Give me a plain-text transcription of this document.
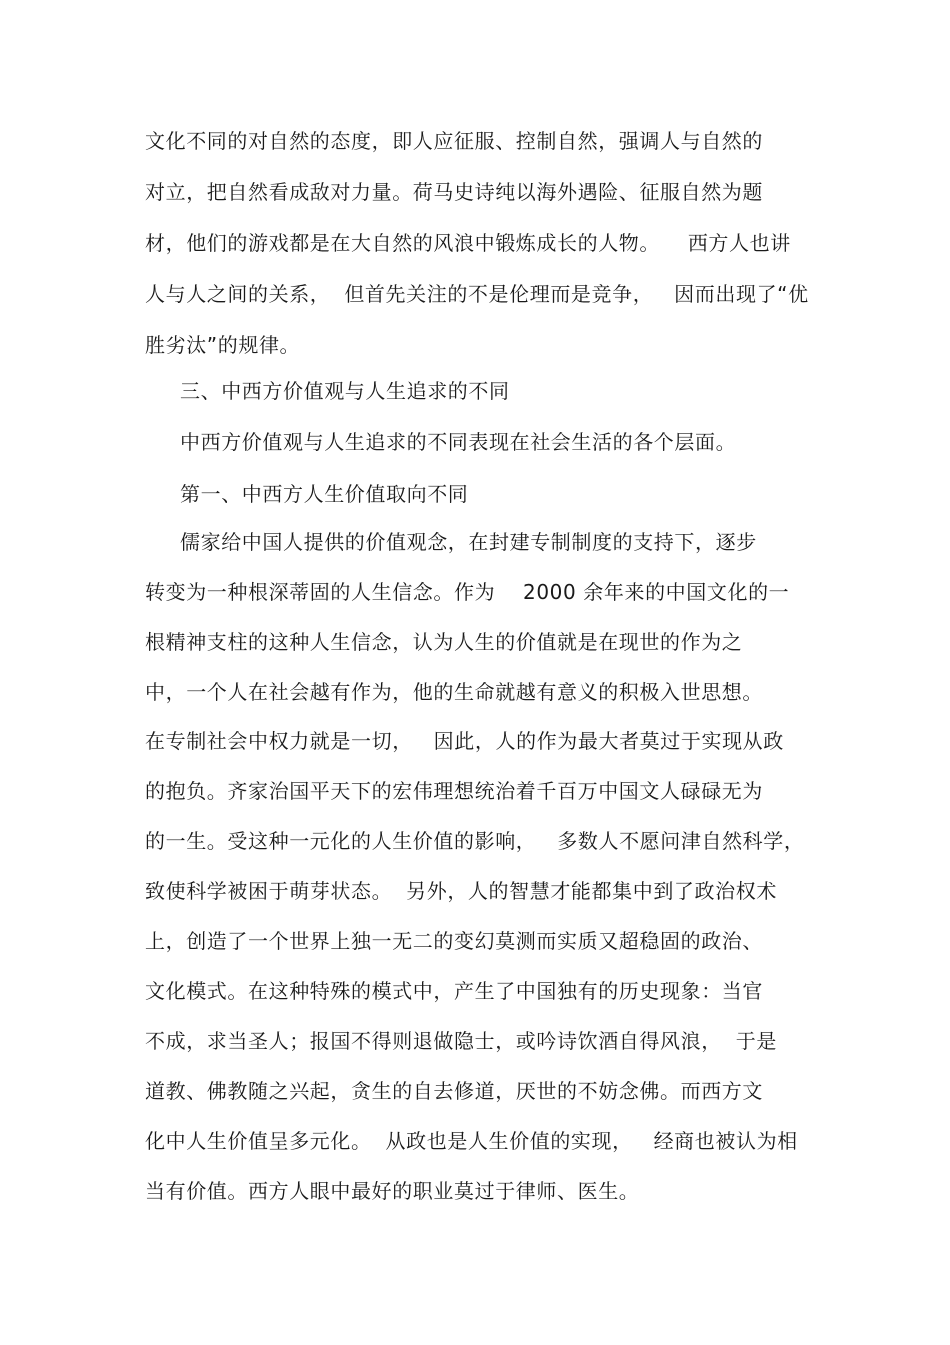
文化不同的对自然的态度，即人应征服、控制自然，强调人与自然的
对立，把自然看成敌对力量。荷马史诗纯以海外遇险、征服自然为题
材，他们的游戏都是在大自然的风浪中锻炼成长的人物。    西方人也讲
人与人之间的关系，  但首先关注的不是伦理而是竞争，   因而出现了“优
胜劣汰”的规律。
三、中西方价值观与人生追求的不同
中西方价值观与人生追求的不同表现在社会生活的各个层面。
第一、中西方人生价值取向不同
儒家给中国人提供的价值观念，在封建专制制度的支持下，逐步
转变为一种根深蒂固的人生信念。作为    2000 余年来的中国文化的一
根精神支柱的这种人生信念，认为人生的价值就是在现世的作为之
中，一个人在社会越有作为，他的生命就越有意义的积极入世思想。
在专制社会中权力就是一切，   因此，人的作为最大者莫过于实现从政
的抱负。齐家治国平天下的宏伟理想统治着千百万中国文人碌碌无为
的一生。受这种一元化的人生价值的影响，   多数人不愿问津自然科学，
致使科学被困于萌芽状态。  另外，人的智慧才能都集中到了政治权术
上，创造了一个世界上独一无二的变幻莫测而实质又超稳固的政治、
文化模式。在这种特殊的模式中，产生了中国独有的历史现象：当官
不成，求当圣人；报国不得则退做隐士，或吟诗饮酒自得风浪，  于是
道教、佛教随之兴起，贪生的自去修道，厌世的不妨念佛。而西方文
化中人生价值呈多元化。  从政也是人生价值的实现，   经商也被认为相
当有价值。西方人眼中最好的职业莫过于律师、医生。
